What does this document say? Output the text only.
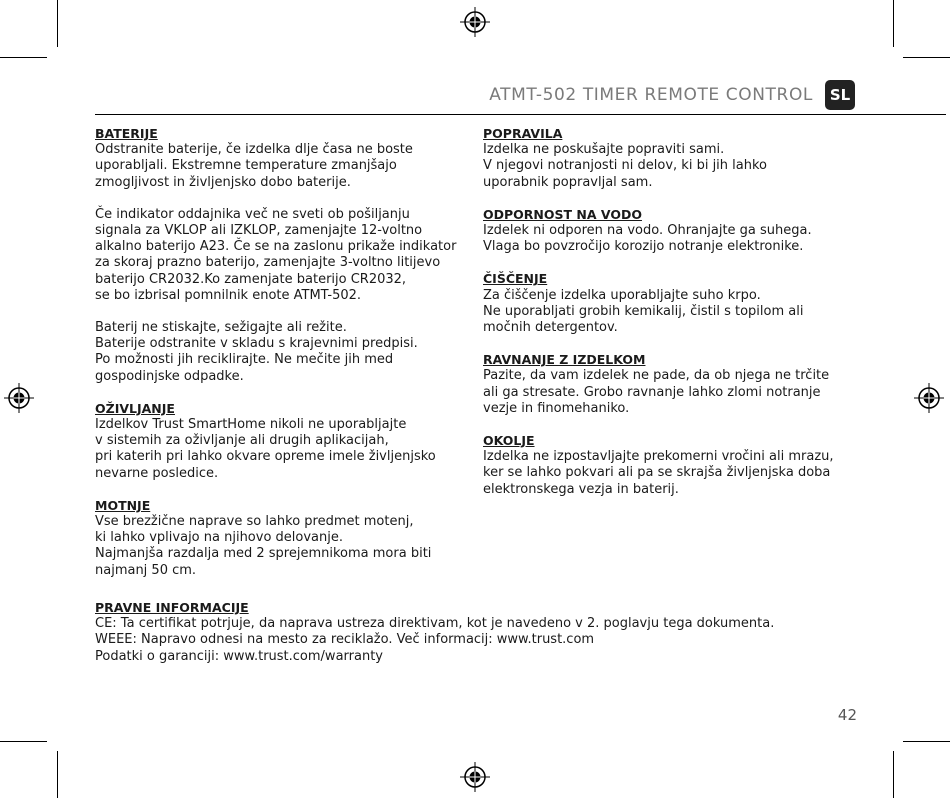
ATMT-502 TIMER REMOTE CONTROL	SL
BATERIJE
Odstranite baterije, če izdelka dlje časa ne boste
uporabljali. Ekstremne temperature zmanjšajo
zmogljivost in življenjsko dobo baterije.
Če indikator oddajnika več ne sveti ob pošiljanju
signala za VKLOP ali IZKLOP, zamenjajte 12-voltno
alkalno baterijo A23. Če se na zaslonu prikaže indikator
za skoraj prazno baterijo, zamenjajte 3-voltno litijevo
baterijo CR2032.Ko zamenjate baterijo CR2032,
se bo izbrisal pomnilnik enote ATMT-502.
Baterij ne stiskajte, sežigajte ali režite.
Baterije odstranite v skladu s krajevnimi predpisi.
Po možnosti jih reciklirajte. Ne mečite jih med
gospodinjske odpadke.
OŽIVLJANJE
Izdelkov Trust SmartHome nikoli ne uporabljajte
v sistemih za oživljanje ali drugih aplikacijah,
pri katerih pri lahko okvare opreme imele življenjsko
nevarne posledice.
MOTNJE
Vse brezžične naprave so lahko predmet motenj,
ki lahko vplivajo na njihovo delovanje.
Najmanjša razdalja med 2 sprejemnikoma mora biti
najmanj 50 cm.
POPRAVILA
Izdelka ne poskušajte popraviti sami.
V njegovi notranjosti ni delov, ki bi jih lahko
uporabnik popravljal sam.
ODPORNOST NA VODO
Izdelek ni odporen na vodo. Ohranjajte ga suhega.
Vlaga bo povzročijo korozijo notranje elektronike.
ČIŠČENJE
Za čiščenje izdelka uporabljajte suho krpo.
Ne uporabljati grobih kemikalij, čistil s topilom ali
močnih detergentov.
RAVNANJE Z IZDELKOM
Pazite, da vam izdelek ne pade, da ob njega ne trčite
ali ga stresate. Grobo ravnanje lahko zlomi notranje
vezje in finomehaniko.
OKOLJE
Izdelka ne izpostavljajte prekomerni vročini ali mrazu,
ker se lahko pokvari ali pa se skrajša življenjska doba
elektronskega vezja in baterij.
PRAVNE INFORMACIJE
CE: Ta certifikat potrjuje, da naprava ustreza direktivam, kot je navedeno v 2. poglavju tega dokumenta.
WEEE: Napravo odnesi na mesto za reciklažo. Več informacij: www.trust.com
Podatki o garanciji: www.trust.com/warranty
42
